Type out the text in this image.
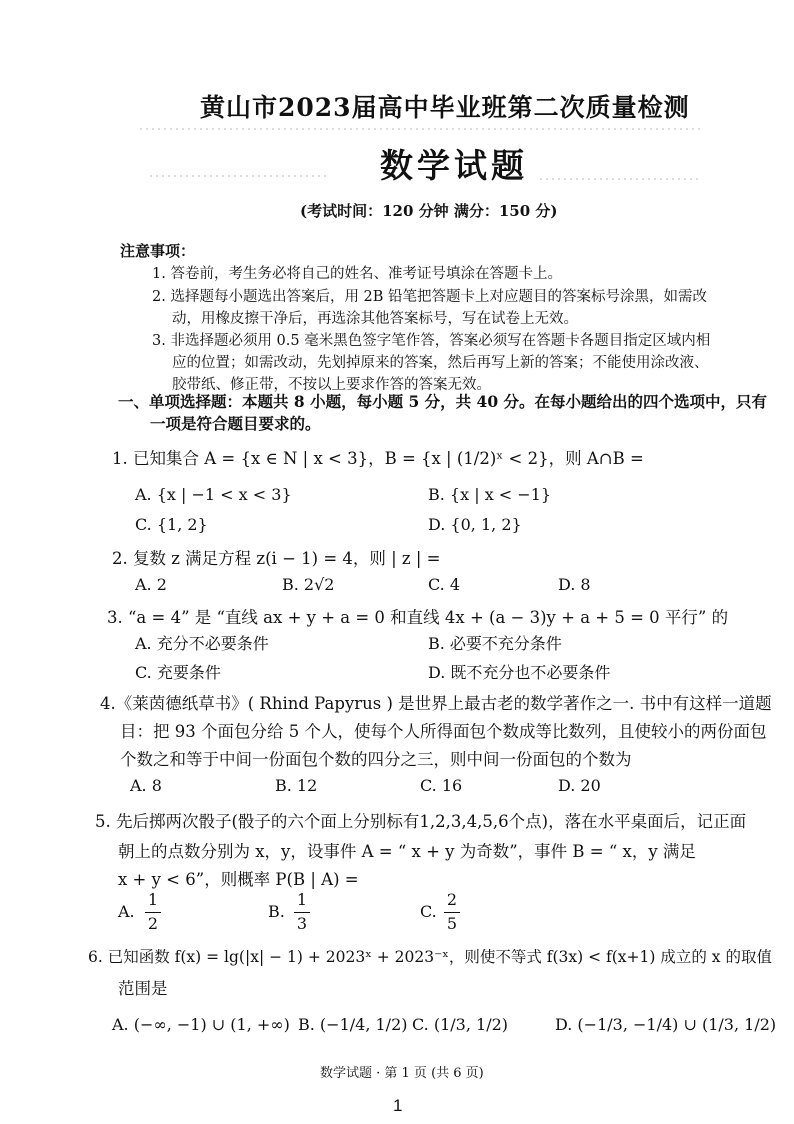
黄山市2023届高中毕业班第二次质量检测
数学试题
(考试时间：120 分钟 满分：150 分)
注意事项：
1. 答卷前，考生务必将自己的姓名、准考证号填涂在答题卡上。
2. 选择题每小题选出答案后，用 2B 铅笔把答题卡上对应题目的答案标号涂黑，如需改
动，用橡皮擦干净后，再选涂其他答案标号，写在试卷上无效。
3. 非选择题必须用 0.5 毫米黑色签字笔作答，答案必须写在答题卡各题目指定区域内相
应的位置；如需改动，先划掉原来的答案，然后再写上新的答案；不能使用涂改液、
胶带纸、修正带，不按以上要求作答的答案无效。
一、单项选择题：本题共 8 小题，每小题 5 分，共 40 分。在每小题给出的四个选项中，只有
一项是符合题目要求的。
1. 已知集合 A = {x ∈ N | x < 3}，B = {x | (1/2)ˣ < 2}，则 A∩B =
A. {x | −1 < x < 3}	B. {x | x < −1}
C. {1, 2}	D. {0, 1, 2}
2. 复数 z 满足方程 z(i − 1) = 4，则 | z | =
A. 2	B. 2√2	C. 4	D. 8
3. “a = 4” 是 “直线 ax + y + a = 0 和直线 4x + (a − 3)y + a + 5 = 0 平行” 的
A. 充分不必要条件	B. 必要不充分条件
C. 充要条件	D. 既不充分也不必要条件
4.《莱茵德纸草书》( Rhind Papyrus ) 是世界上最古老的数学著作之一. 书中有这样一道题
目：把 93 个面包分给 5 个人，使每个人所得面包个数成等比数列，且使较小的两份面包
个数之和等于中间一份面包个数的四分之三，则中间一份面包的个数为
A. 8	B. 12	C. 16	D. 20
5. 先后掷两次骰子(骰子的六个面上分别标有1,2,3,4,5,6个点)，落在水平桌面后，记正面
朝上的点数分别为 x，y，设事件 A = “ x + y 为奇数”，事件 B = “ x，y 满足
x + y < 6”，则概率 P(B | A) =
A.
1
2
B.
1
3
C.
2
5
6. 已知函数 f(x) = lg(|x| − 1) + 2023ˣ + 2023⁻ˣ，则使不等式 f(3x) < f(x+1) 成立的 x 的取值
范围是
A. (−∞, −1) ∪ (1, +∞) B. (−1/4, 1/2) C. (1/3, 1/2)	D. (−1/3, −1/4) ∪ (1/3, 1/2)
数学试题 · 第 1 页 (共 6 页)
1
